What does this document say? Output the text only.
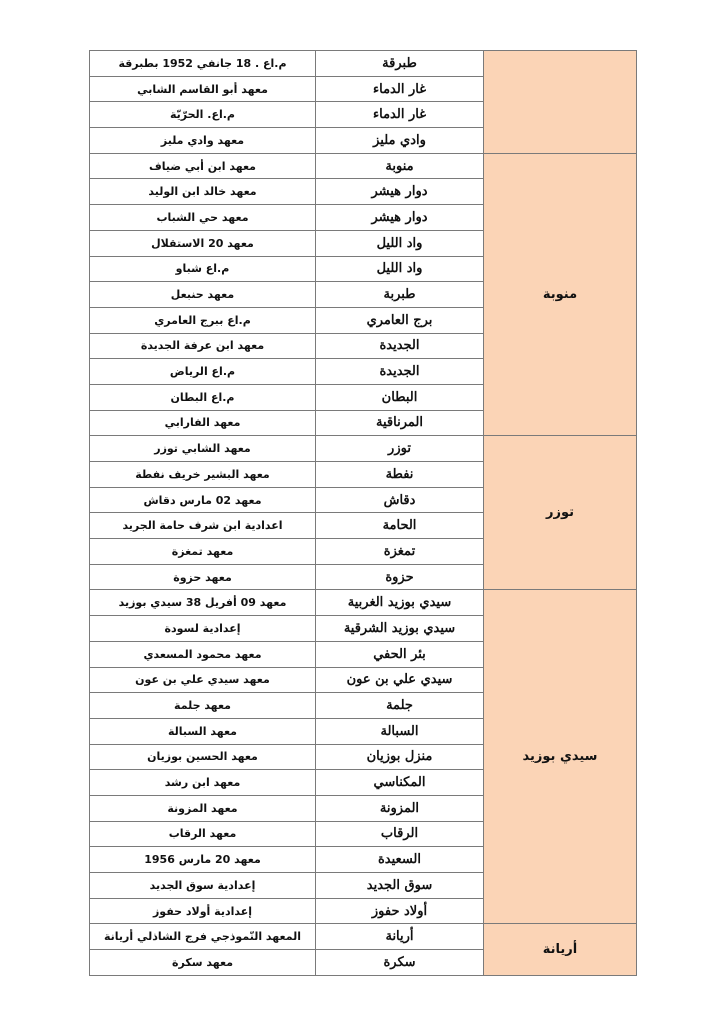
	طبرقة	م.اع . 18 جانفي 1952 بطبرقة
	غار الدماء	معهد أبو القاسم الشابي
	غار الدماء	م.اع. الحرّيّة
	وادي مليز	معهد وادي مليز
منوبة	منوبة	معهد ابن أبي ضياف
	دوار هيشر	معهد خالد ابن الوليد
	دوار هيشر	معهد حي الشباب
	واد الليل	معهد 20 الاستقلال
	واد الليل	م.اع شباو
	طبربة	معهد حنبعل
	برج العامري	م.اع ببرج العامري
	الجديدة	معهد ابن عرفة الجديدة
	الجديدة	م.اع الرياض
	البطان	م.اع البطان
	المرناقية	معهد الفارابي
توزر	توزر	معهد الشابي توزر
	نفطة	معهد البشير خريف نفطة
	دقاش	معهد 02 مارس دقاش
	الحامة	اعدادية ابن شرف حامة الجريد
	تمغزة	معهد تمغزة
	حزوة	معهد حزوة
سيدي بوزيد	سيدي بوزيد الغربية	معهد 09 أفريل 38 سيدي بوزيد
	سيدي بوزيد الشرقية	إعدادية لسودة
	بئر الحفي	معهد محمود المسعدي
	سيدي علي بن عون	معهد سيدي علي بن عون
	جلمة	معهد جلمة
	السبالة	معهد السبالة
	منزل بوزيان	معهد الحسين بوزيان
	المكناسي	معهد ابن رشد
	المزونة	معهد المزونة
	الرقاب	معهد الرقاب
	السعيدة	معهد 20 مارس 1956
	سوق الجديد	إعدادية سوق الجديد
	أولاد حفوز	إعدادية أولاد حفوز
أريانة	أريانة	المعهد النّموذجي فرج الشاذلي أريانة
	سكرة	معهد سكرة
